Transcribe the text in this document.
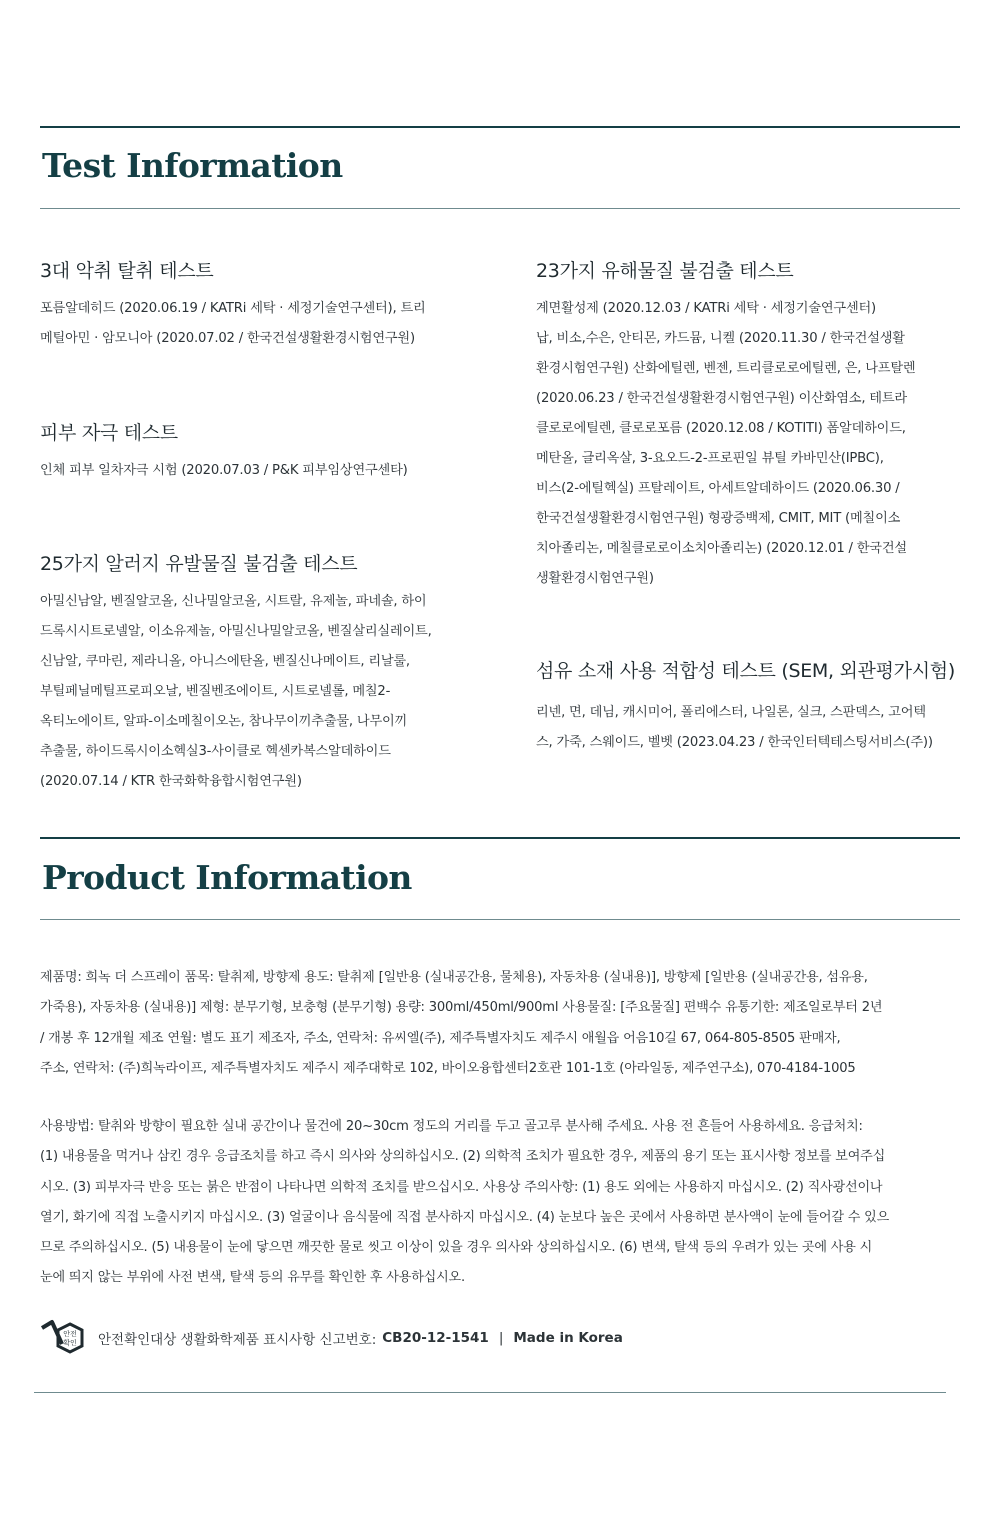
Test Information
3대 악취 탈취 테스트
포름알데히드 (2020.06.19 / KATRi 세탁 · 세정기술연구센터), 트리
메틸아민 · 암모니아 (2020.07.02 / 한국건설생활환경시험연구원)
피부 자극 테스트
인체 피부 일차자극 시험 (2020.07.03 / P&K 피부임상연구센타)
25가지 알러지 유발물질 불검출 테스트
아밀신남알, 벤질알코올, 신나밀알코올, 시트랄, 유제놀, 파네솔, 하이
드록시시트로넬알, 이소유제놀, 아밀신나밀알코올, 벤질살리실레이트,
신남알, 쿠마린, 제라니올, 아니스에탄올, 벤질신나메이트, 리날룰,
부틸페닐메틸프로피오날, 벤질벤조에이트, 시트로넬롤, 메칠2-
옥티노에이트, 알파-이소메칠이오논, 참나무이끼추출물, 나무이끼
추출물, 하이드록시이소헥실3-사이클로 헥센카복스알데하이드
(2020.07.14 / KTR 한국화학융합시험연구원)
23가지 유해물질 불검출 테스트
계면활성제 (2020.12.03 / KATRi 세탁 · 세정기술연구센터)
납, 비소,수은, 안티몬, 카드뮴, 니켈 (2020.11.30 / 한국건설생활
환경시험연구원) 산화에틸렌, 벤젠, 트리클로로에틸렌, 은, 나프탈렌
(2020.06.23 / 한국건설생활환경시험연구원) 이산화염소, 테트라
클로로에틸렌, 클로로포름 (2020.12.08 / KOTITI) 폼알데하이드,
메탄올, 글리옥살, 3-요오드-2-프로핀일 뷰틸 카바민산(IPBC),
비스(2-에틸헥실) 프탈레이트, 아세트알데하이드 (2020.06.30 /
한국건설생활환경시험연구원) 형광증백제, CMIT, MIT (메칠이소
치아졸리논, 메칠클로로이소치아졸리논) (2020.12.01 / 한국건설
생활환경시험연구원)
섬유 소재 사용 적합성 테스트 (SEM, 외관평가시험)
리넨, 면, 데님, 캐시미어, 폴리에스터, 나일론, 실크, 스판덱스, 고어텍
스, 가죽, 스웨이드, 벨벳 (2023.04.23 / 한국인터텍테스팅서비스(주))
Product Information
제품명: 희녹 더 스프레이 품목: 탈취제, 방향제 용도: 탈취제 [일반용 (실내공간용, 물체용), 자동차용 (실내용)], 방향제 [일반용 (실내공간용, 섬유용,
가죽용), 자동차용 (실내용)] 제형: 분무기형, 보충형 (분무기형) 용량: 300ml/450ml/900ml 사용물질: [주요물질] 편백수 유통기한: 제조일로부터 2년
/ 개봉 후 12개월 제조 연월: 별도 표기 제조자, 주소, 연락처: 유씨엘(주), 제주특별자치도 제주시 애월읍 어음10길 67, 064-805-8505 판매자,
주소, 연락처: (주)희녹라이프, 제주특별자치도 제주시 제주대학로 102, 바이오융합센터2호관 101-1호 (아라일동, 제주연구소), 070-4184-1005
사용방법: 탈취와 방향이 필요한 실내 공간이나 물건에 20~30cm 정도의 거리를 두고 골고루 분사해 주세요. 사용 전 흔들어 사용하세요. 응급처치:
(1) 내용물을 먹거나 삼킨 경우 응급조치를 하고 즉시 의사와 상의하십시오. (2) 의학적 조치가 필요한 경우, 제품의 용기 또는 표시사항 정보를 보여주십
시오. (3) 피부자극 반응 또는 붉은 반점이 나타나면 의학적 조치를 받으십시오. 사용상 주의사항: (1) 용도 외에는 사용하지 마십시오. (2) 직사광선이나
열기, 화기에 직접 노출시키지 마십시오. (3) 얼굴이나 음식물에 직접 분사하지 마십시오. (4) 눈보다 높은 곳에서 사용하면 분사액이 눈에 들어갈 수 있으
므로 주의하십시오. (5) 내용물이 눈에 닿으면 깨끗한 물로 씻고 이상이 있을 경우 의사와 상의하십시오. (6) 변색, 탈색 등의 우려가 있는 곳에 사용 시
눈에 띄지 않는 부위에 사전 변색, 탈색 등의 유무를 확인한 후 사용하십시오.
안전
확인 안전확인대상 생활화학제품 표시사항 신고번호: CB20-12-1541 | Made in Korea
